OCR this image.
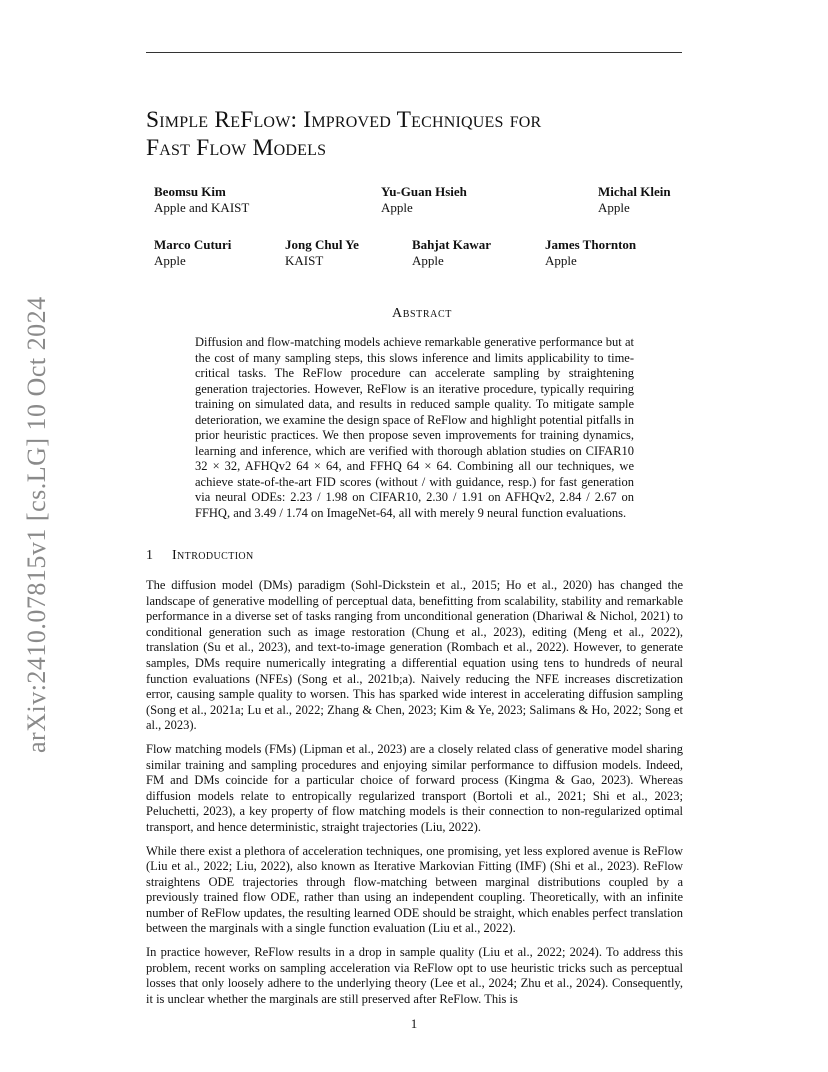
arXiv:2410.07815v1 [cs.LG] 10 Oct 2024
Simple ReFlow: Improved Techniques for
Fast Flow Models
Beomsu Kim
Apple and KAIST
Yu-Guan Hsieh
Apple
Michal Klein
Apple
Marco Cuturi
Apple
Jong Chul Ye
KAIST
Bahjat Kawar
Apple
James Thornton
Apple
Abstract
Diffusion and flow-matching models achieve remarkable generative performance but at the cost of many sampling steps, this slows inference and limits applicability to time-critical tasks. The ReFlow procedure can accelerate sampling by straightening generation trajectories. However, ReFlow is an iterative procedure, typically requiring training on simulated data, and results in reduced sample quality. To mitigate sample deterioration, we examine the design space of ReFlow and highlight potential pitfalls in prior heuristic practices. We then propose seven improvements for training dynamics, learning and inference, which are verified with thorough ablation studies on CIFAR10 32 × 32, AFHQv2 64 × 64, and FFHQ 64 × 64. Combining all our techniques, we achieve state-of-the-art FID scores (without / with guidance, resp.) for fast generation via neural ODEs: 2.23 / 1.98 on CIFAR10, 2.30 / 1.91 on AFHQv2, 2.84 / 2.67 on FFHQ, and 3.49 / 1.74 on ImageNet-64, all with merely 9 neural function evaluations.
1 Introduction

The diffusion model (DMs) paradigm (Sohl-Dickstein et al., 2015; Ho et al., 2020) has changed the landscape of generative modelling of perceptual data, benefitting from scalability, stability and remarkable performance in a diverse set of tasks ranging from unconditional generation (Dhariwal & Nichol, 2021) to conditional generation such as image restoration (Chung et al., 2023), editing (Meng et al., 2022), translation (Su et al., 2023), and text-to-image generation (Rombach et al., 2022). However, to generate samples, DMs require numerically integrating a differential equation using tens to hundreds of neural function evaluations (NFEs) (Song et al., 2021b;a). Naively reducing the NFE increases discretization error, causing sample quality to worsen. This has sparked wide interest in accelerating diffusion sampling (Song et al., 2021a; Lu et al., 2022; Zhang & Chen, 2023; Kim & Ye, 2023; Salimans & Ho, 2022; Song et al., 2023).

Flow matching models (FMs) (Lipman et al., 2023) are a closely related class of generative model sharing similar training and sampling procedures and enjoying similar performance to diffusion models. Indeed, FM and DMs coincide for a particular choice of forward process (Kingma & Gao, 2023). Whereas diffusion models relate to entropically regularized transport (Bortoli et al., 2021; Shi et al., 2023; Peluchetti, 2023), a key property of flow matching models is their connection to non-regularized optimal transport, and hence deterministic, straight trajectories (Liu, 2022).

While there exist a plethora of acceleration techniques, one promising, yet less explored avenue is ReFlow (Liu et al., 2022; Liu, 2022), also known as Iterative Markovian Fitting (IMF) (Shi et al., 2023). ReFlow straightens ODE trajectories through flow-matching between marginal distributions coupled by a previously trained flow ODE, rather than using an independent coupling. Theoretically, with an infinite number of ReFlow updates, the resulting learned ODE should be straight, which enables perfect translation between the marginals with a single function evaluation (Liu et al., 2022).

In practice however, ReFlow results in a drop in sample quality (Liu et al., 2022; 2024). To address this problem, recent works on sampling acceleration via ReFlow opt to use heuristic tricks such as perceptual losses that only loosely adhere to the underlying theory (Lee et al., 2024; Zhu et al., 2024). Consequently, it is unclear whether the marginals are still preserved after ReFlow. This is

1
